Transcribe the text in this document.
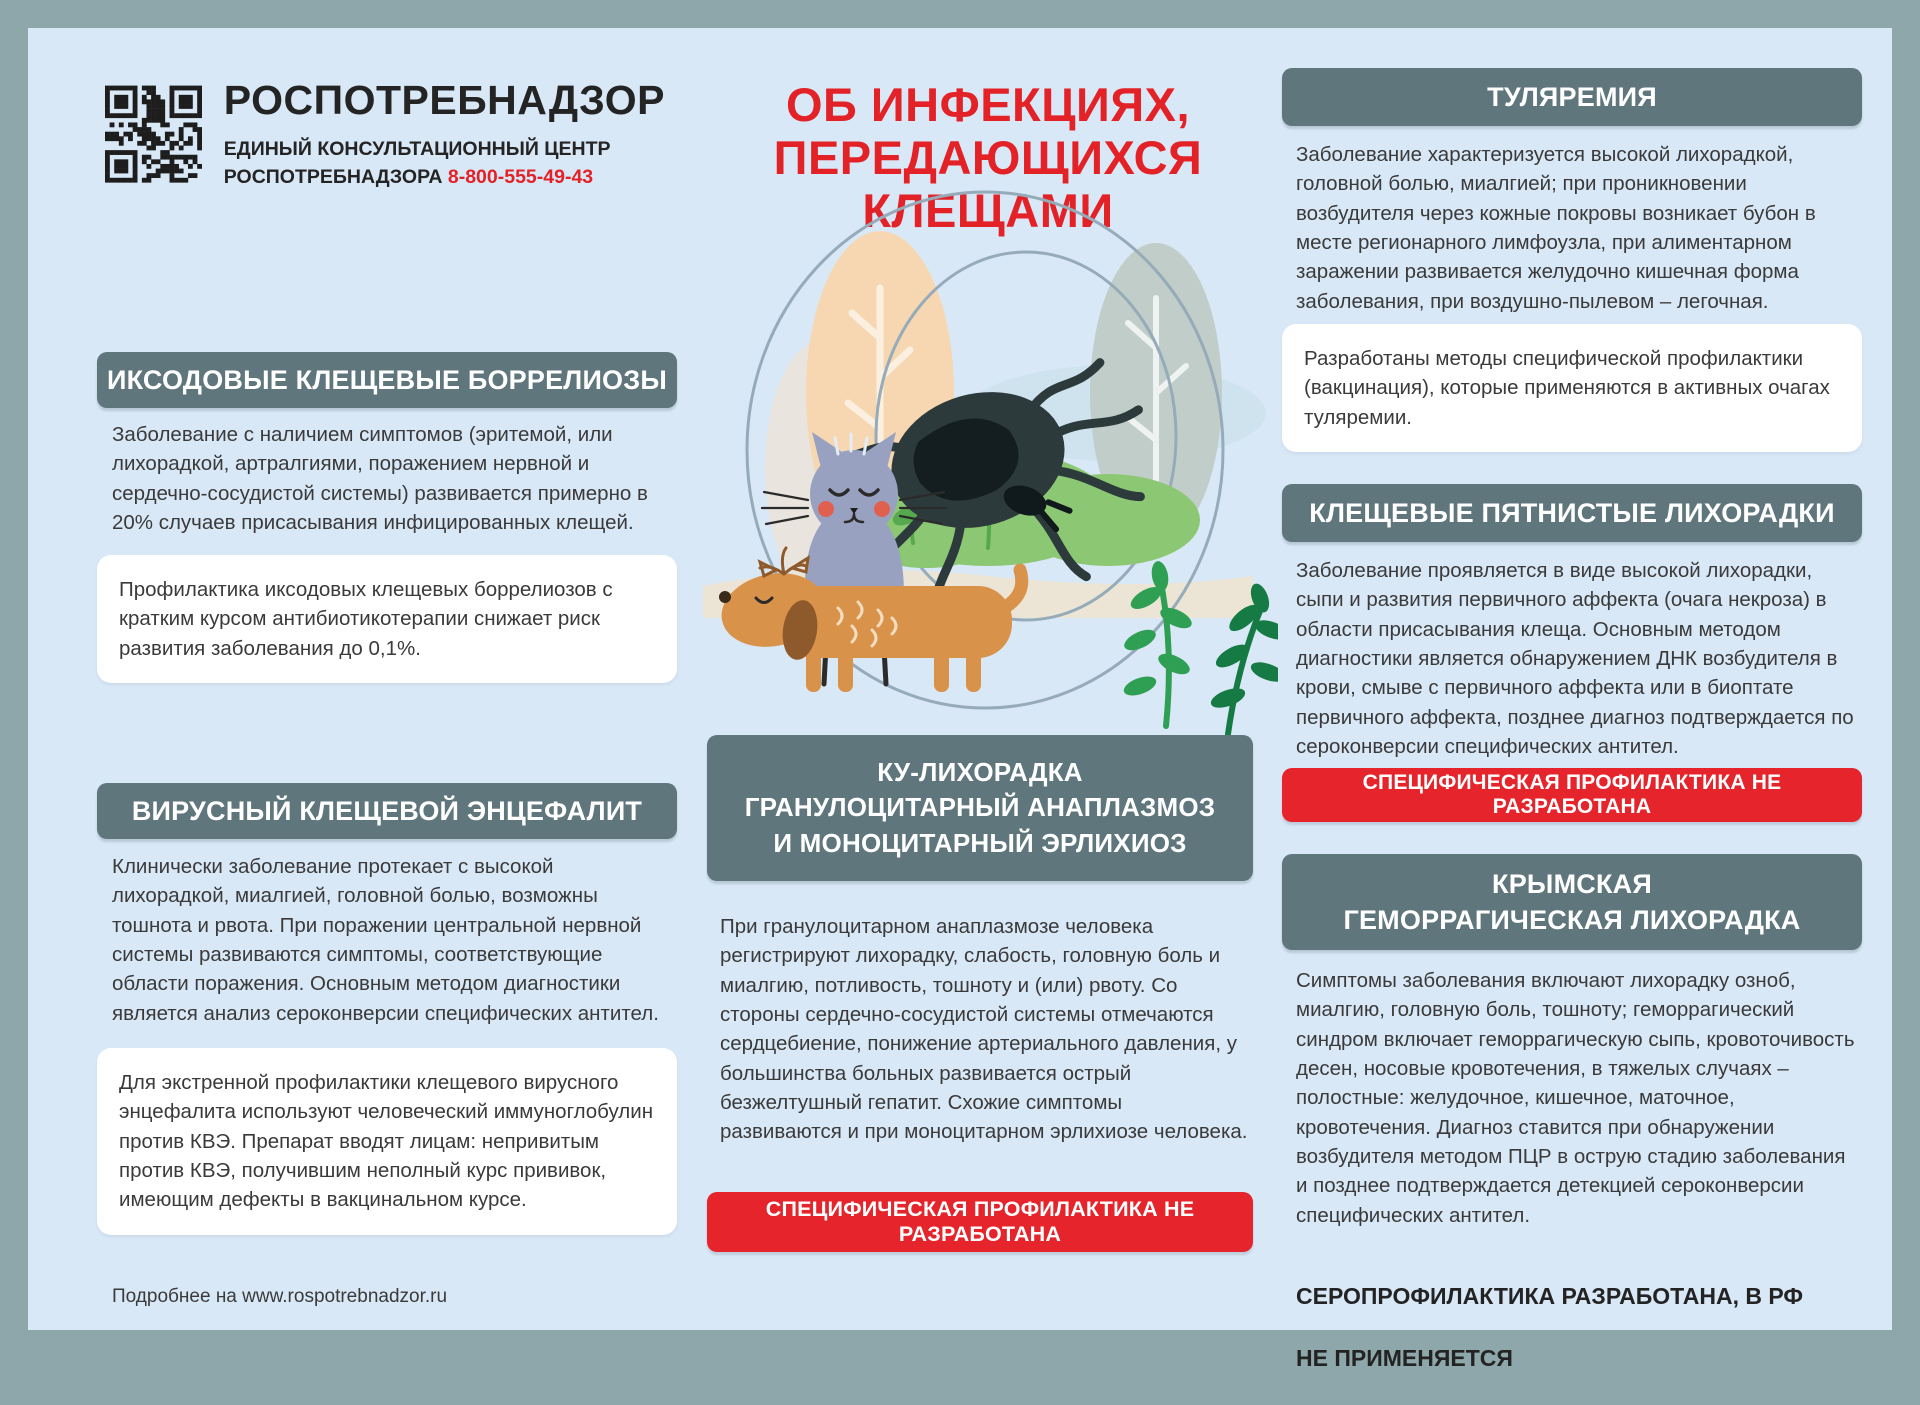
РОСПОТРЕБНАДЗОР
ЕДИНЫЙ КОНСУЛЬТАЦИОННЫЙ ЦЕНТР
РОСПОТРЕБНАДЗОРА 8-800-555-49-43
ОБ ИНФЕКЦИЯХ,
ПЕРЕДАЮЩИХСЯ КЛЕЩАМИ
ИКСОДОВЫЕ КЛЕЩЕВЫЕ БОРРЕЛИОЗЫ
Заболевание с наличием симптомов (эритемой, или лихорадкой, артралгиями, поражением нервной и сердечно-сосудистой системы) развивается примерно в 20% случаев присасывания инфицированных клещей.
Профилактика иксодовых клещевых боррелиозов с кратким курсом антибиотикотерапии снижает риск развития заболевания до 0,1%.
ВИРУСНЫЙ КЛЕЩЕВОЙ ЭНЦЕФАЛИТ
Клинически заболевание протекает с высокой лихорадкой, миалгией, головной болью, возможны тошнота и рвота. При поражении центральной нервной системы развиваются симптомы, соответствующие области поражения. Основным методом диагностики является анализ сероконверсии специфических антител.
Для экстренной профилактики клещевого вирусного энцефалита используют человеческий иммуноглобулин против КВЭ. Препарат вводят лицам: непривитым против КВЭ, получившим неполный курс прививок, имеющим дефекты в вакцинальном курсе.
Подробнее на www.rospotrebnadzor.ru
КУ-ЛИХОРАДКА
ГРАНУЛОЦИТАРНЫЙ АНАПЛАЗМОЗ
И МОНОЦИТАРНЫЙ ЭРЛИХИОЗ
При гранулоцитарном анаплазмозе человека регистрируют лихорадку, слабость, головную боль и миалгию, потливость, тошноту и (или) рвоту. Со стороны сердечно-сосудистой системы отмечаются сердцебиение, понижение артериального давления, у большинства больных развивается острый безжелтушный гепатит. Схожие симптомы развиваются и при моноцитарном эрлихиозе человека.
СПЕЦИФИЧЕСКАЯ ПРОФИЛАКТИКА НЕ РАЗРАБОТАНА
ТУЛЯРЕМИЯ
Заболевание характеризуется высокой лихорадкой, головной болью, миалгией; при проникновении возбудителя через кожные покровы возникает бубон в месте регионарного лимфоузла, при алиментарном заражении развивается желудочно кишечная форма заболевания, при воздушно-пылевом – легочная.
Разработаны методы специфической профилактики (вакцинация), которые применяются в активных очагах туляремии.
КЛЕЩЕВЫЕ ПЯТНИСТЫЕ ЛИХОРАДКИ
Заболевание проявляется в виде высокой лихорадки, сыпи и развития первичного аффекта (очага некроза) в области присасывания клеща. Основным методом диагностики является обнаружением ДНК возбудителя в крови, смыве с первичного аффекта или в биоптате первичного аффекта, позднее диагноз подтверждается по сероконверсии специфических антител.
СПЕЦИФИЧЕСКАЯ ПРОФИЛАКТИКА НЕ РАЗРАБОТАНА
КРЫМСКАЯ
ГЕМОРРАГИЧЕСКАЯ ЛИХОРАДКА
Симптомы заболевания включают лихорадку озноб, миалгию, головную боль, тошноту; геморрагический синдром включает геморрагическую сыпь, кровоточивость десен, носовые кровотечения, в тяжелых случаях – полостные: желудочное, кишечное, маточное, кровотечения. Диагноз ставится при обнаружении возбудителя методом ПЦР в острую стадию заболевания и позднее подтверждается детекцией сероконверсии специфических антител.

СЕРОПРОФИЛАКТИКА РАЗРАБОТАНА, В РФ

НЕ ПРИМЕНЯЕТСЯ
